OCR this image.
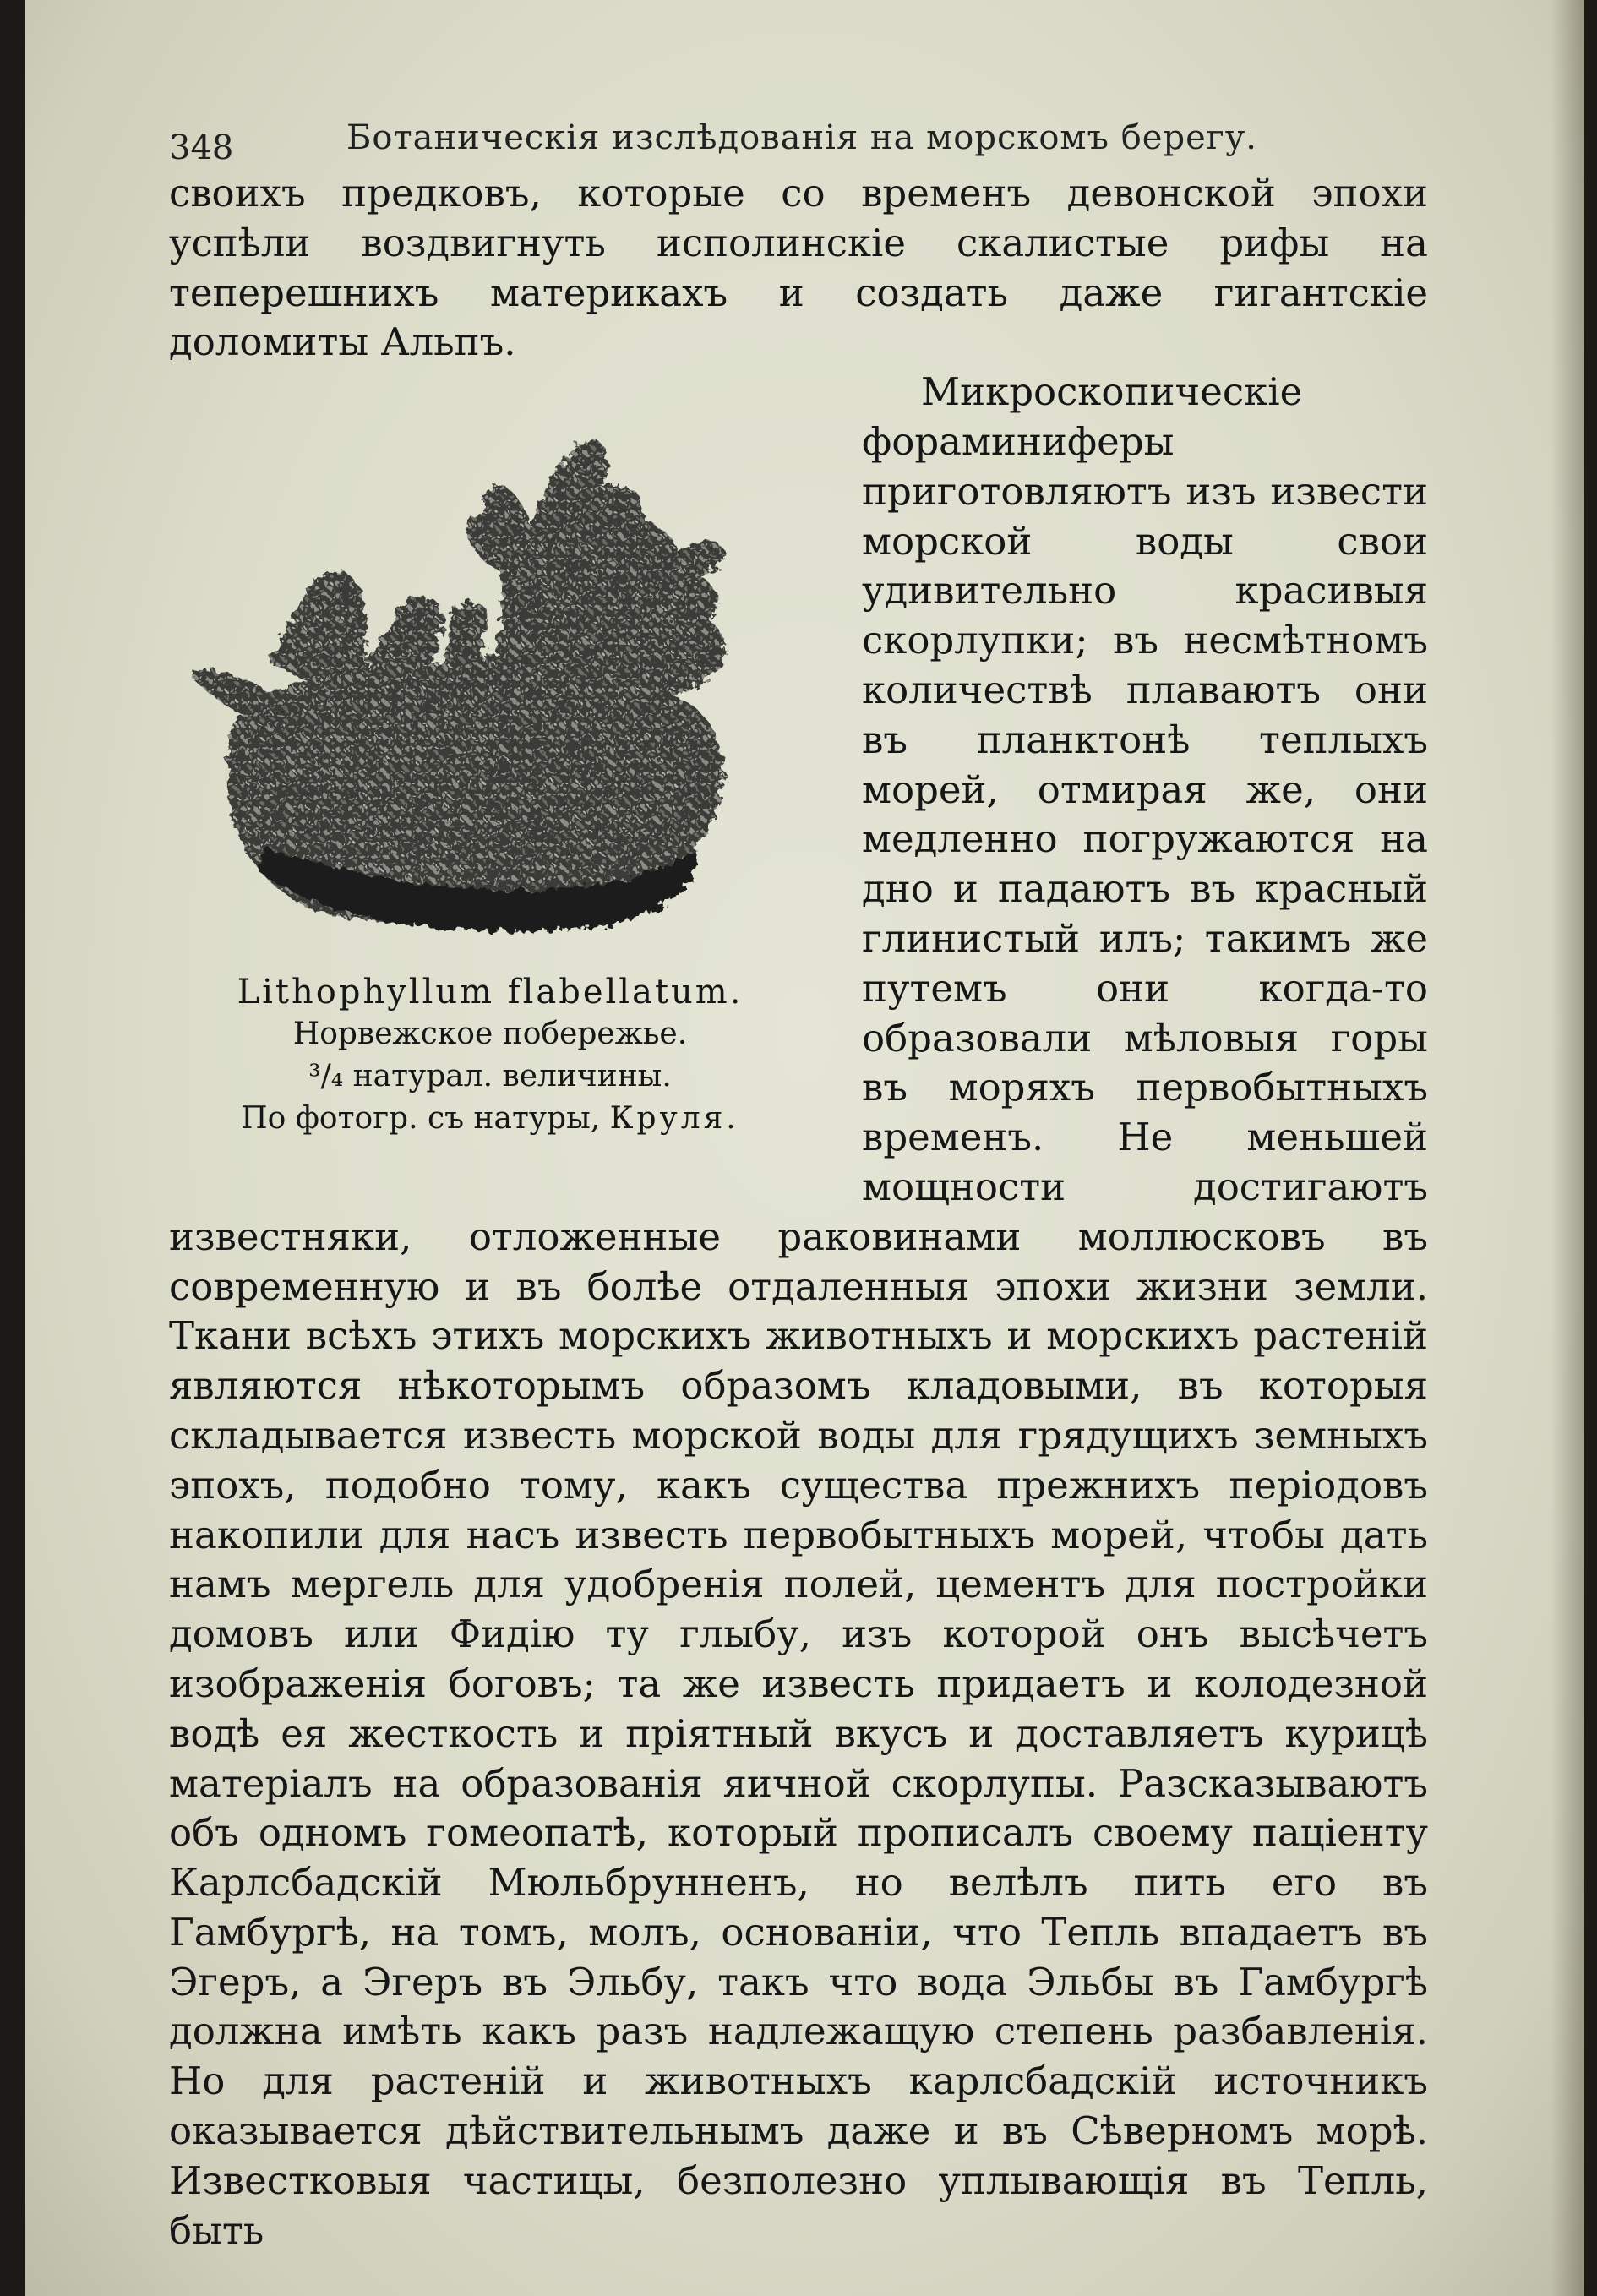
348	Ботаническія изслѣдованія на морскомъ берегу.

своихъ предковъ, которые со временъ девонской эпохи успѣли воздвигнуть исполинскіе скалистые рифы на теперешнихъ материкахъ и создать даже гигантскіе доломиты Альпъ.

Lithophyllum flabellatum.
Норвежское побережье.
³/₄ натурал. величины.
По фотогр. съ натуры, Круля.

Микроскопическіе фораминиферы приготовляютъ изъ извести морской воды свои удивительно красивыя скорлупки; въ несмѣтномъ количествѣ плаваютъ они въ планктонѣ теплыхъ морей, отмирая же, они медленно погружаются на дно и падаютъ въ красный глинистый илъ; такимъ же путемъ они когда-то образовали мѣловыя горы въ моряхъ первобытныхъ временъ. Не меньшей мощности достигаютъ известняки, отложенные раковинами моллюсковъ въ современную и въ болѣе отдаленныя эпохи жизни земли. Ткани всѣхъ этихъ морскихъ животныхъ и морскихъ растеній являются нѣкоторымъ образомъ кладовыми, въ которыя складывается известь морской воды для грядущихъ земныхъ эпохъ, подобно тому, какъ существа прежнихъ періодовъ накопили для насъ известь первобытныхъ морей, чтобы дать намъ мергель для удобренія полей, цементъ для постройки домовъ или Фидію ту глыбу, изъ которой онъ высѣчетъ изображенія боговъ; та же известь придаетъ и колодезной водѣ ея жесткость и пріятный вкусъ и доставляетъ курицѣ матеріалъ на образованія яичной скорлупы. Разсказываютъ объ одномъ гомеопатѣ, который прописалъ своему паціенту Карлсбадскій Мюльбрунненъ, но велѣлъ пить его въ Гамбургѣ, на томъ, молъ, основаніи, что Тепль впадаетъ въ Эгеръ, а Эгеръ въ Эльбу, такъ что вода Эльбы въ Гамбургѣ должна имѣть какъ разъ надлежащую степень разбавленія. Но для растеній и животныхъ карлсбадскій источникъ оказывается дѣйствительнымъ даже и въ Сѣверномъ морѣ. Известковыя частицы, безполезно уплывающія въ Тепль, быть
